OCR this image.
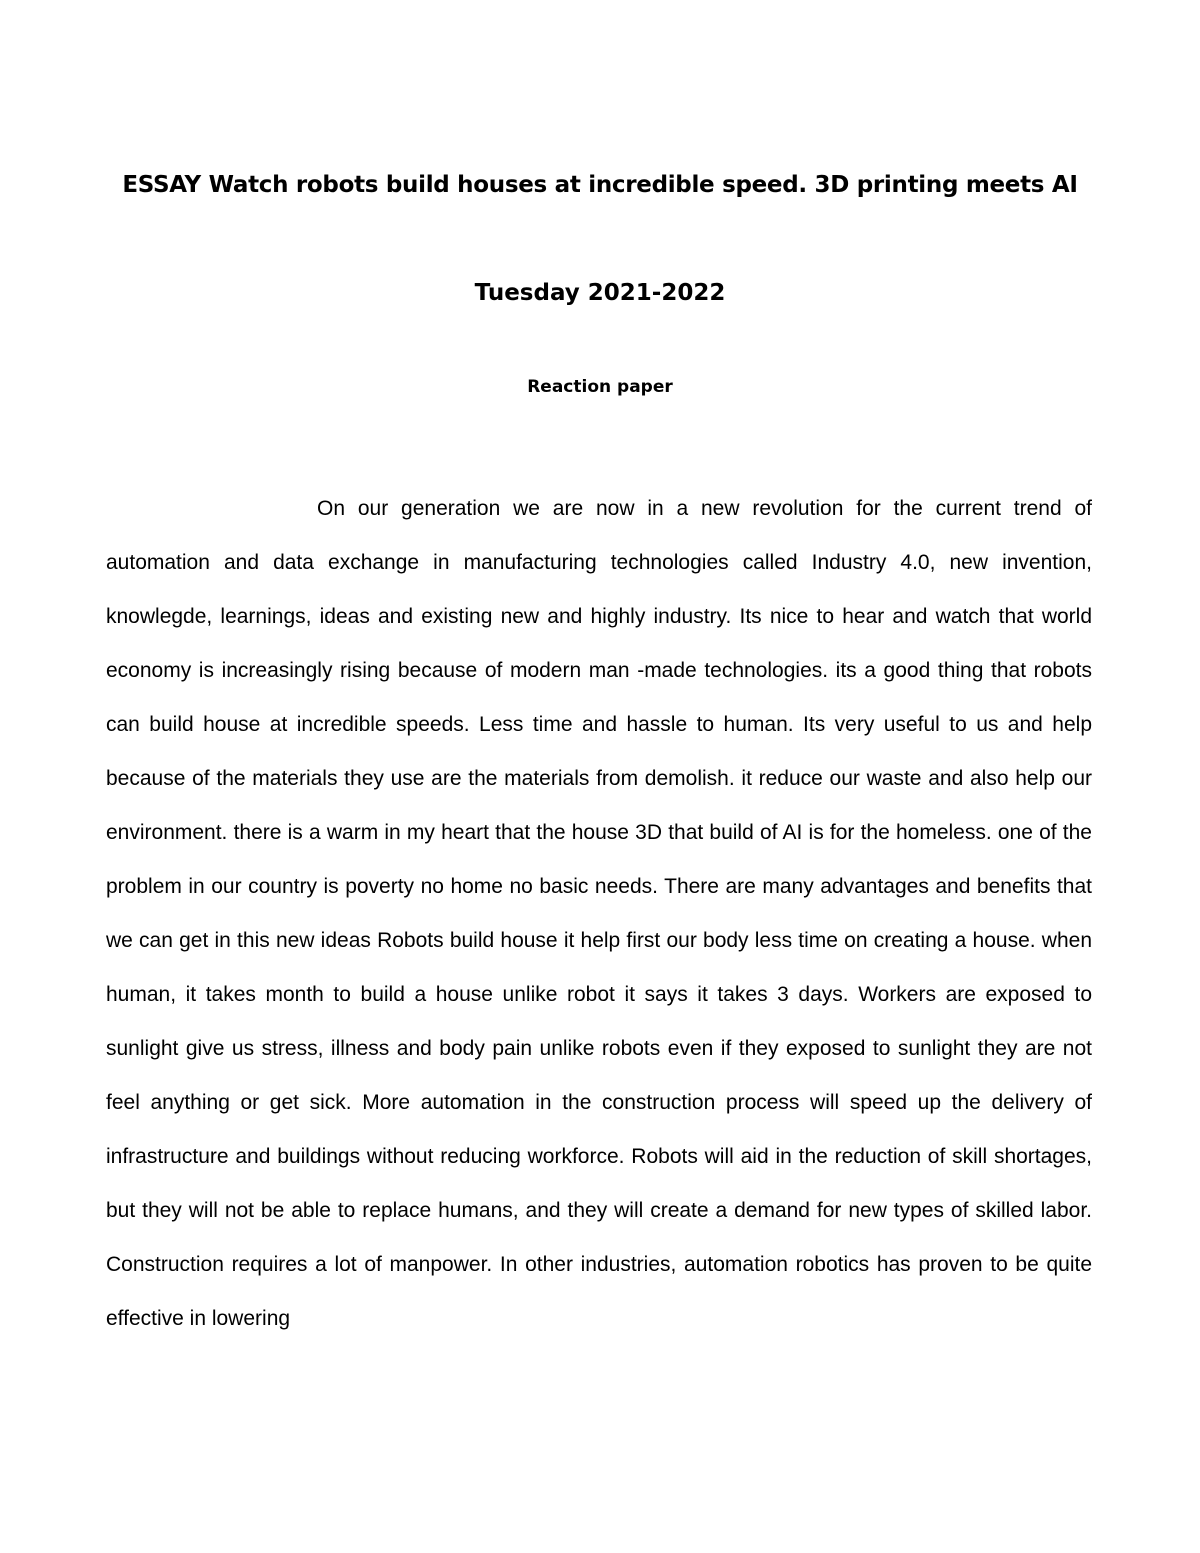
ESSAY Watch robots build houses at incredible speed. 3D printing meets AI
Tuesday 2021-2022
Reaction paper

On our generation we are now in a new revolution for the current trend of automation and data exchange in manufacturing technologies called Industry 4.0, new invention, knowlegde, learnings, ideas and existing new and highly industry. Its nice to hear and watch that world economy is increasingly rising because of modern man -made technologies. its a good thing that robots can build house at incredible speeds. Less time and hassle to human. Its very useful to us and help because of the materials they use are the materials from demolish. it reduce our waste and also help our environment. there is a warm in my heart that the house 3D that build of AI is for the homeless. one of the problem in our country is poverty no home no basic needs. There are many advantages and benefits that we can get in this new ideas Robots build house it help first our body less time on creating a house. when human, it takes month to build a house unlike robot it says it takes 3 days. Workers are exposed to sunlight give us stress, illness and body pain unlike robots even if they exposed to sunlight they are not feel anything or get sick. More automation in the construction process will speed up the delivery of infrastructure and buildings without reducing workforce. Robots will aid in the reduction of skill shortages, but they will not be able to replace humans, and they will create a demand for new types of skilled labor. Construction requires a lot of manpower. In other industries, automation robotics has proven to be quite effective in lowering
